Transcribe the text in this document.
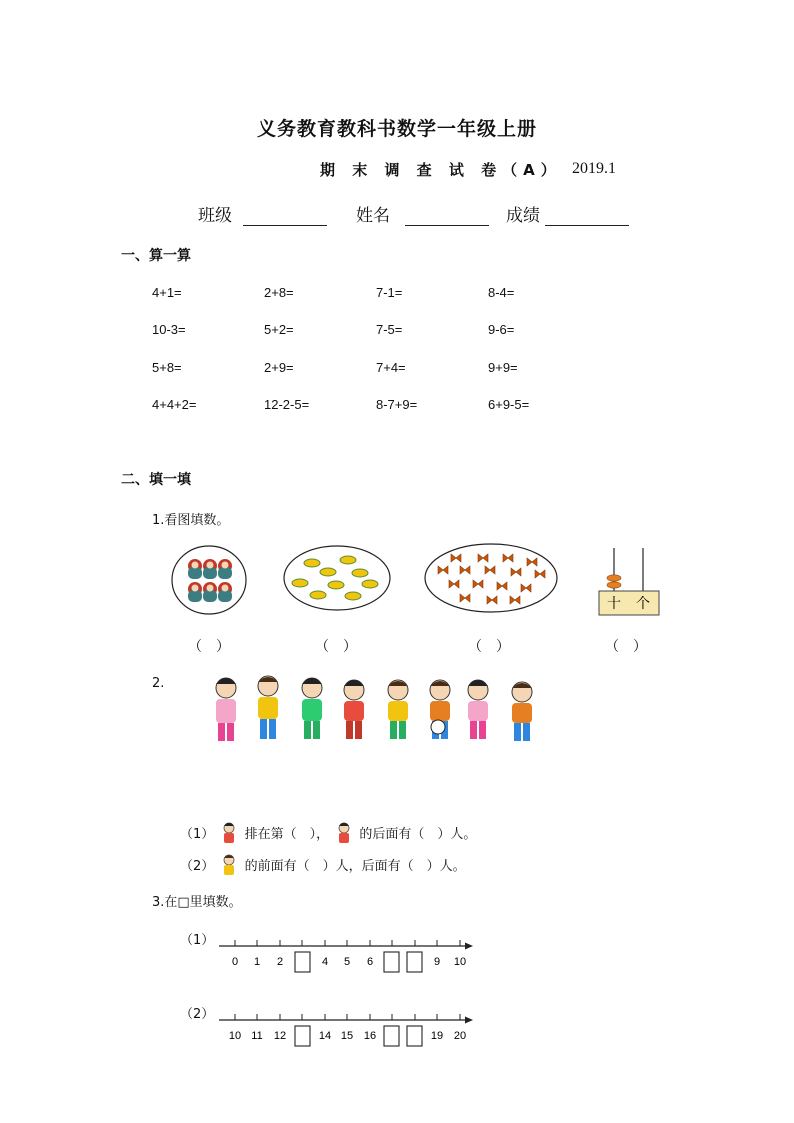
义务教育教科书数学一年级上册
期 末 调 查 试 卷（A） 2019.1
班级	姓名	成绩
一、算一算
4+1=	2+8=	7-1=	8-4=
10-3=	5+2=	7-5=	9-6=
5+8=	2+9=	7+4=	9+9=
4+4+2=	12-2-5=	8-7+9=	6+9-5=
二、填一填
1.看图填数。
十 个
（　）	（　）	（　）	（　）
2.
（1） 排在第（　）， 的后面有（　）人。
（2） 的前面有（　）人，后面有（　）人。
3.在□里填数。
（1）
0 1 2	4 5 6	9 10
（2）
10 11 12	14 15 16	19 20
